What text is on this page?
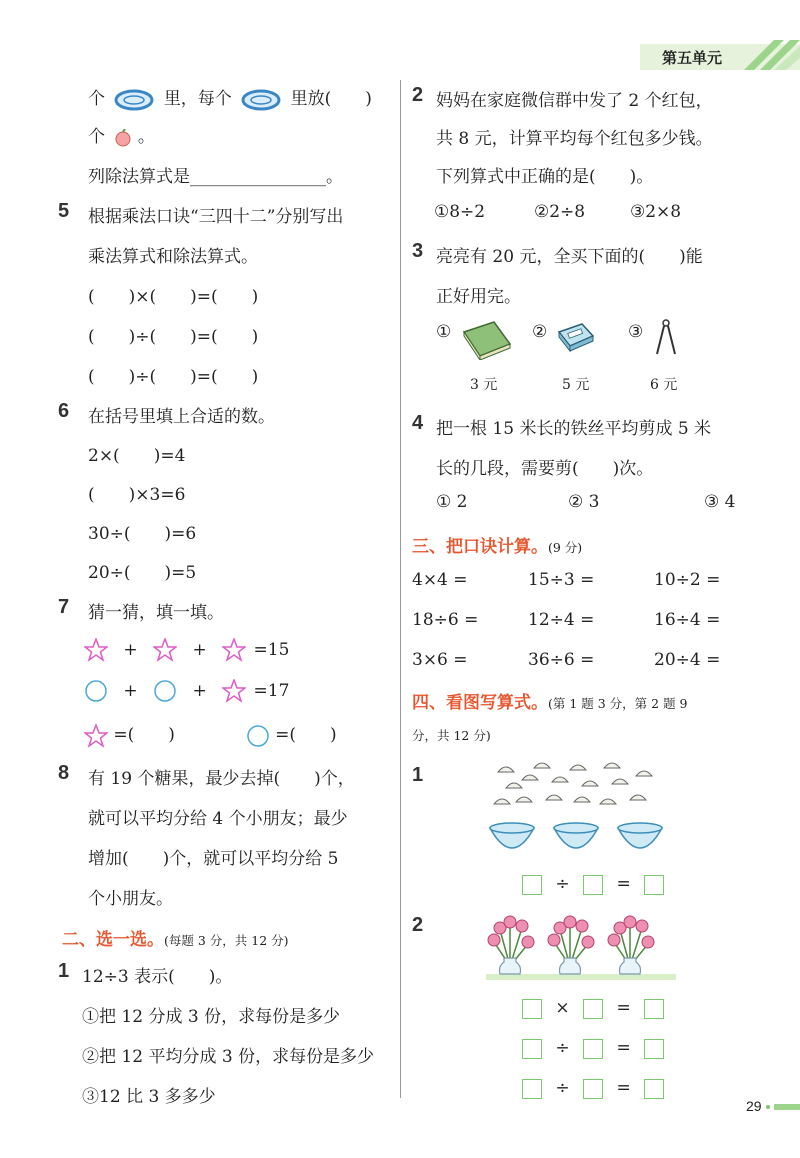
第五单元
个	里，每个	里放(　　)
个 。
列除法算式是________________。
5 根据乘法口诀“三四十二”分别写出
乘法算式和除法算式。
(　　)×(　　)=(　　)
(　　)÷(　　)=(　　)
(　　)÷(　　)=(　　)
6 在括号里填上合适的数。
2×(　　)=4
(　　)×3=6
30÷(　　)=6
20÷(　　)=5
7 猜一猜，填一填。
+	+	=15
+	+	=17
=(　　)	=(　　)
8 有 19 个糖果，最少去掉(　　)个，
就可以平均分给 4 个小朋友；最少
增加(　　)个，就可以平均分给 5
个小朋友。
二、选一选。(每题 3 分，共 12 分)
1 12÷3 表示(　　)。
①把 12 分成 3 份，求每份是多少
②把 12 平均分成 3 份，求每份是多少
③12 比 3 多多少
2 妈妈在家庭微信群中发了 2 个红包，
共 8 元，计算平均每个红包多少钱。
下列算式中正确的是(　　)。
①8÷2	②2÷8	③2×8
3 亮亮有 20 元，全买下面的(　　)能
正好用完。
①	②	③
3 元	5 元	6 元
4 把一根 15 米长的铁丝平均剪成 5 米
长的几段，需要剪(　　)次。
① 2	② 3	③ 4
三、把口诀计算。(9 分)
4×4 =	15÷3 =	10÷2 =
18÷6 =	12÷4 =	16÷4 =
3×6 =	36÷6 =	20÷4 =
四、看图写算式。(第 1 题 3 分，第 2 题 9
分，共 12 分)
1
÷	=
2
×	=
÷	=
÷	=
29
